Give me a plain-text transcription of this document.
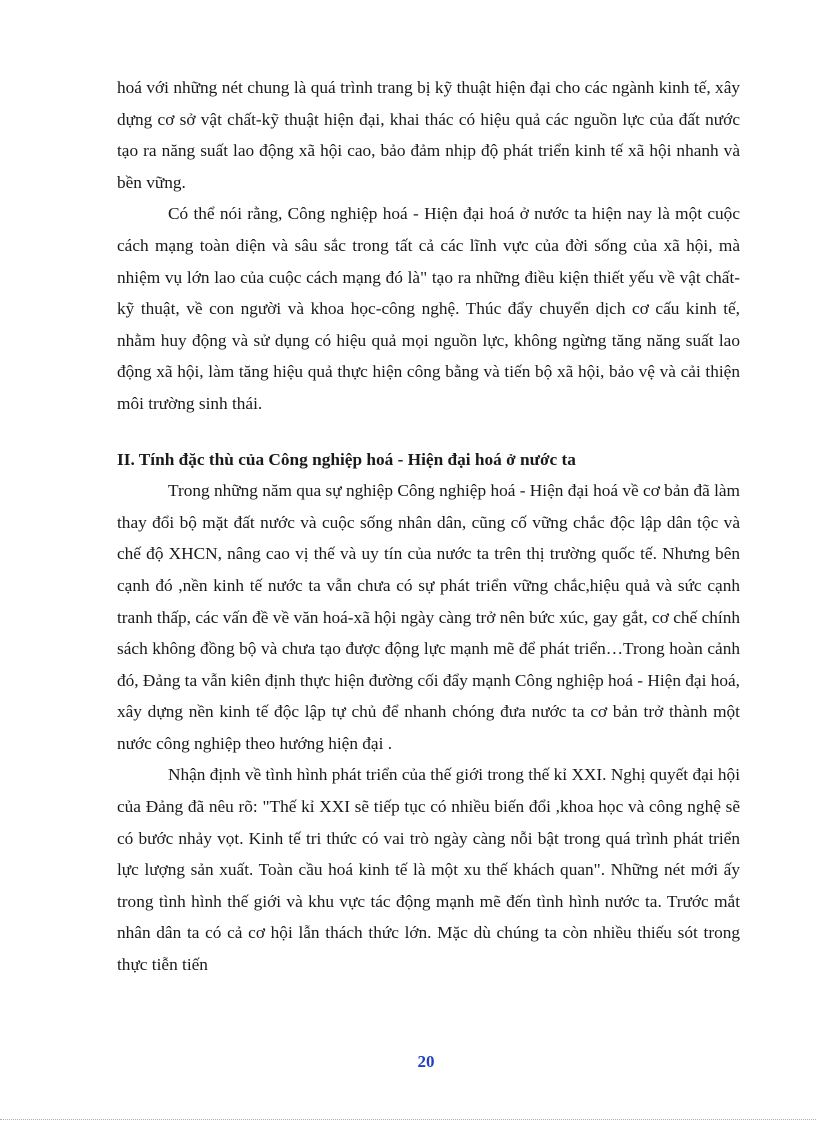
hoá với những nét chung là quá trình trang bị kỹ thuật hiện đại cho các ngành kinh tế, xây dựng cơ sở vật chất-kỹ thuật hiện đại, khai thác có hiệu quả các nguồn lực của đất nước tạo ra năng suất lao động xã hội cao, bảo đảm nhịp độ phát triển kinh tế xã hội nhanh và bền vững.

Có thể nói rằng, Công nghiệp hoá - Hiện đại hoá ở nước ta hiện nay là một cuộc cách mạng toàn diện và sâu sắc trong tất cả các lĩnh vực của đời sống của xã hội, mà nhiệm vụ lớn lao của cuộc cách mạng đó là" tạo ra những điều kiện thiết yếu về vật chất-kỹ thuật, về con người và khoa học-công nghệ. Thúc đẩy chuyển dịch cơ cấu kinh tế, nhằm huy động và sử dụng có hiệu quả mọi nguồn lực, không ngừng tăng năng suất lao động xã hội, làm tăng hiệu quả thực hiện công bằng và tiến bộ xã hội, bảo vệ và cải thiện môi trường sinh thái.

II. Tính đặc thù của Công nghiệp hoá - Hiện đại hoá ở nước ta

Trong những năm qua sự nghiệp Công nghiệp hoá - Hiện đại hoá về cơ bản đã làm thay đổi bộ mặt đất nước và cuộc sống nhân dân, cũng cố vững chắc độc lập dân tộc và chế độ XHCN, nâng cao vị thế và uy tín của nước ta trên thị trường quốc tế. Nhưng bên cạnh đó ,nền kinh tế nước ta vẫn chưa có sự phát triển vững chắc,hiệu quả và sức cạnh tranh thấp, các vấn đề về văn hoá-xã hội ngày càng trở nên bức xúc, gay gắt, cơ chế chính sách không đồng bộ và chưa tạo được động lực mạnh mẽ để phát triển…Trong hoàn cảnh đó, Đảng ta vẫn kiên định thực hiện đường cối đẩy mạnh Công nghiệp hoá - Hiện đại hoá, xây dựng nền kinh tế độc lập tự chủ để nhanh chóng đưa nước ta cơ bản trở thành một nước công nghiệp theo hướng hiện đại .

Nhận định về tình hình phát triển của thế giới trong thế kỉ XXI. Nghị quyết đại hội của Đảng đã nêu rõ: "Thế kỉ XXI sẽ tiếp tục có nhiều biến đổi ,khoa học và công nghệ sẽ có bước nhảy vọt. Kinh tế tri thức có vai trò ngày càng nỗi bật trong quá trình phát triển lực lượng sản xuất. Toàn cầu hoá kinh tế là một xu thế khách quan". Những nét mới ấy trong tình hình thế giới và khu vực tác động mạnh mẽ đến tình hình nước ta. Trước mắt nhân dân ta có cả cơ hội lẫn thách thức lớn. Mặc dù chúng ta còn nhiều thiếu sót trong thực tiễn tiến

20
